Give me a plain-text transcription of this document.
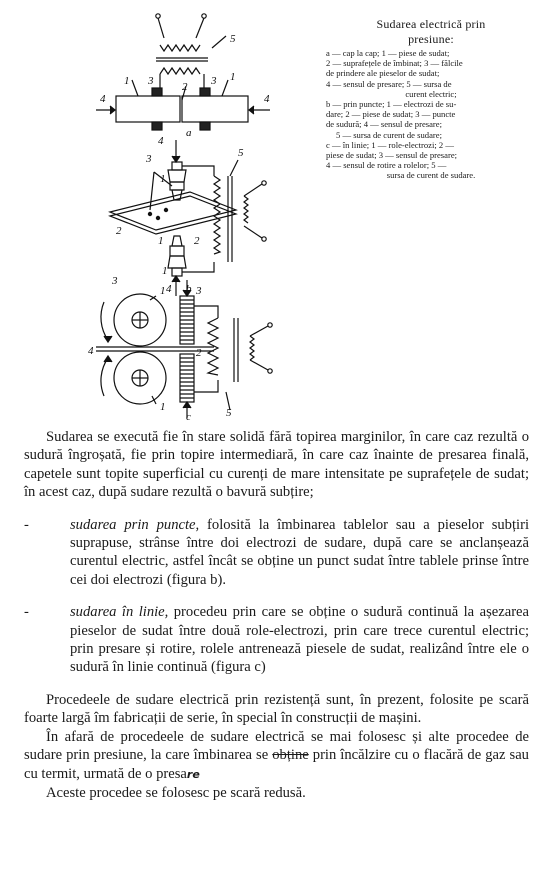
5
1 3	2 3 1
4	4
a
4
3	5
1
2
1	2
1
4 b
3
1	3
4	2
1
c	5
Sudarea electrică prin
presiune:
a — cap la cap; 1 — piese de sudat;
2 — suprafețele de îmbinat; 3 — fălcile
de prindere ale pieselor de sudat;
4 — sensul de presare; 5 — sursa de
curent electric;
b — prin puncte; 1 — electrozi de su-
dare; 2 — piese de sudat; 3 — puncte
de sudură; 4 — sensul de presare;
5 — sursa de curent de sudare;
c — în linie; 1 — role-electrozi; 2 —
piese de sudat; 3 — sensul de presare;
4 — sensul de rotire a rolelor; 5 —
sursa de curent de sudare.

Sudarea se execută fie în stare solidă fără topirea marginilor, în care caz rezultă o sudură îngroșată, fie prin topire intermediară, în care caz înainte de presarea finală, capetele sunt topite superficial cu curenți de mare intensitate pe suprafețele de sudat; în acest caz, după sudare rezultă o bavură subțire;

-	sudarea prin puncte, folosită la îmbinarea tablelor sau a pieselor subțiri suprapuse, strânse între doi electrozi de sudare, după care se anclanșează curentul electric, astfel încât se obține un punct sudat între tablele prinse între cei doi electrozi (figura b).
-	sudarea în linie, procedeu prin care se obține o sudură continuă la așezarea pieselor de sudat între două role-electrozi, prin care trece curentul electric; prin presare și rotire, rolele antrenează piesele de sudat, realizând între ele o sudură în linie continuă (figura c)

Procedeele de sudare electrică prin rezistență sunt, în prezent, folosite pe scară foarte largă îm fabricații de serie, în special în construcții de mașini.

În afară de procedeele de sudare electrică se mai folosesc și alte procedee de sudare prin presiune, la care îmbinarea se obține prin încălzire cu o flacără de gaz sau cu termit, urmată de o presare

Aceste procedee se folosesc pe scară redusă.
